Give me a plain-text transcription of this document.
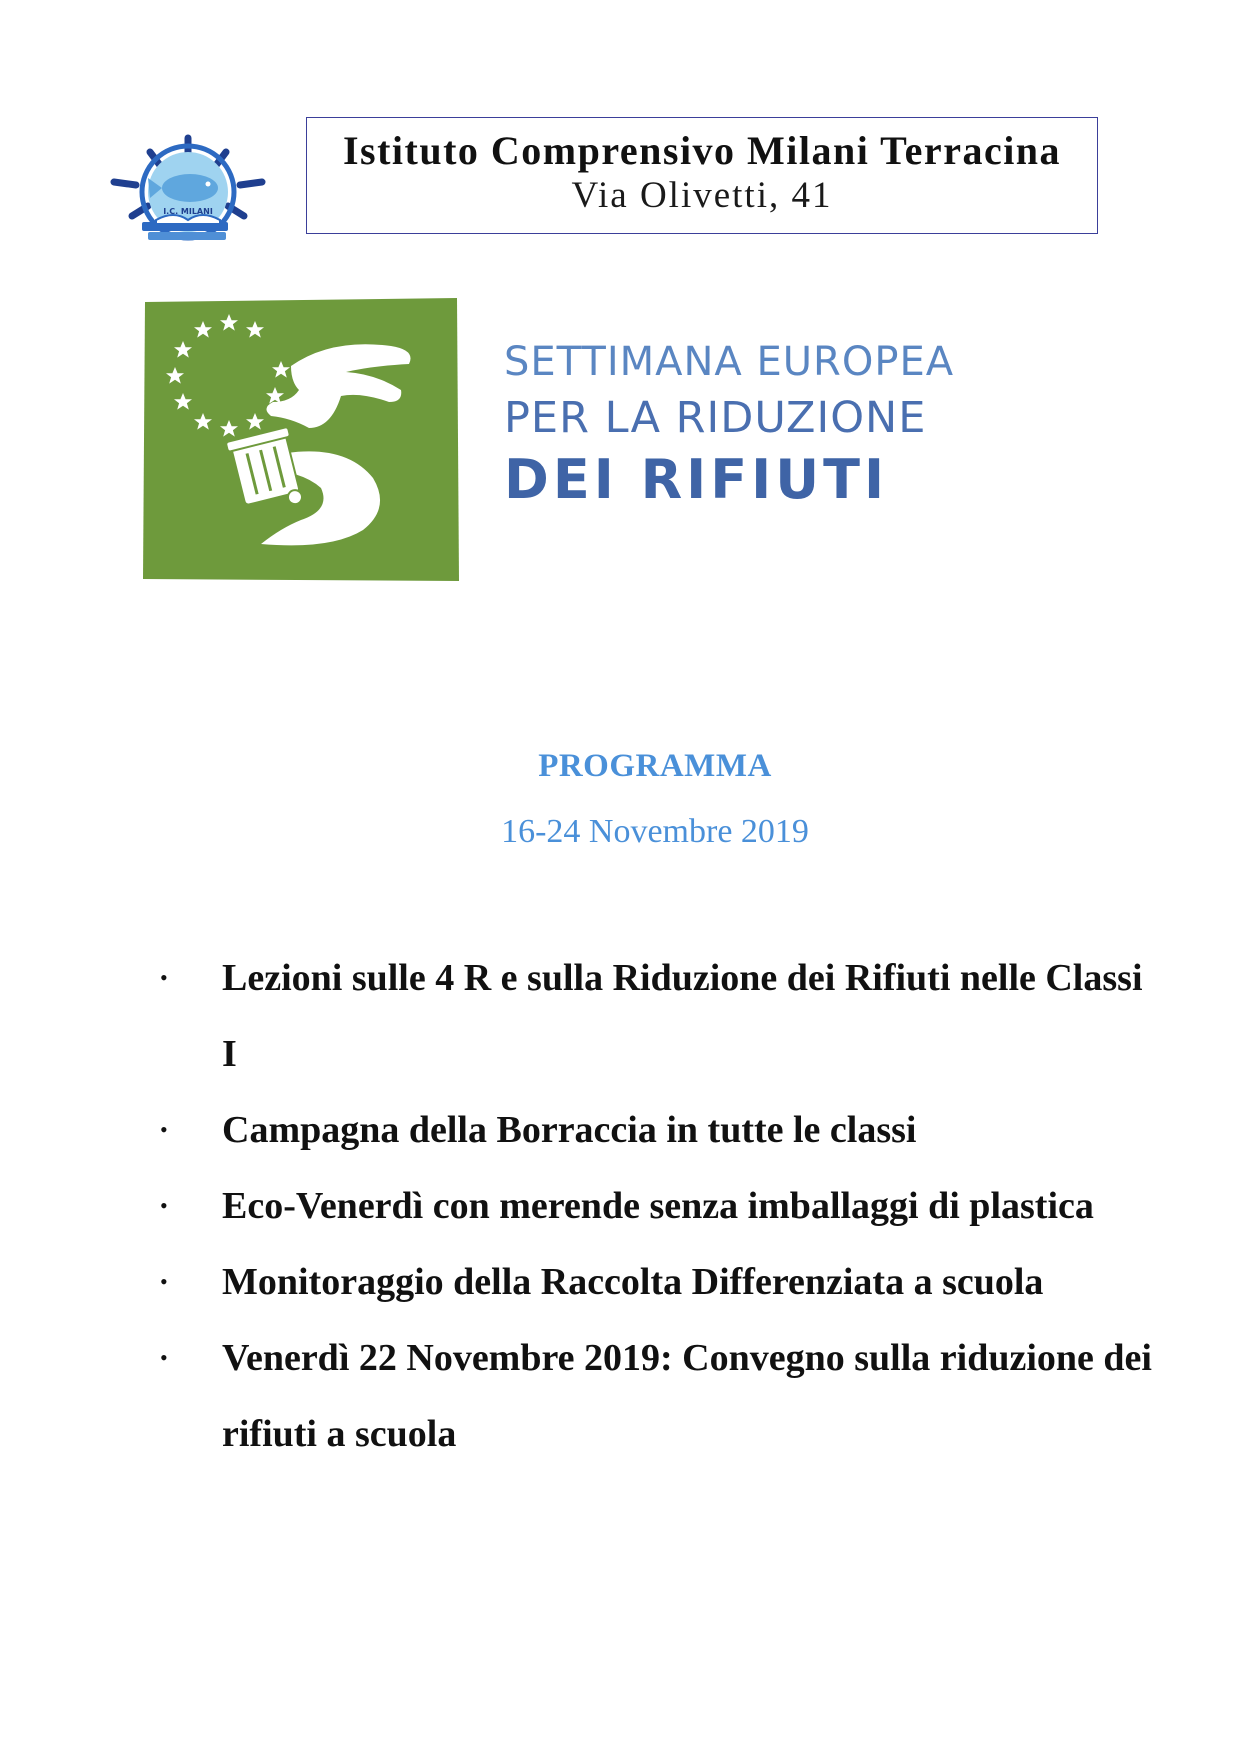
I.C. MILANI
Istituto Comprensivo Milani Terracina
Via Olivetti, 41
SETTIMANA EUROPEA
PER LA RIDUZIONE
DEI RIFIUTI
PROGRAMMA
16-24 Novembre 2019
• Lezioni sulle 4 R e sulla Riduzione dei Rifiuti nelle Classi I
• Campagna della Borraccia in tutte le classi
• Eco-Venerdì con merende senza imballaggi di plastica
• Monitoraggio della Raccolta Differenziata a scuola
• Venerdì 22 Novembre 2019: Convegno sulla riduzione dei rifiuti a scuola
